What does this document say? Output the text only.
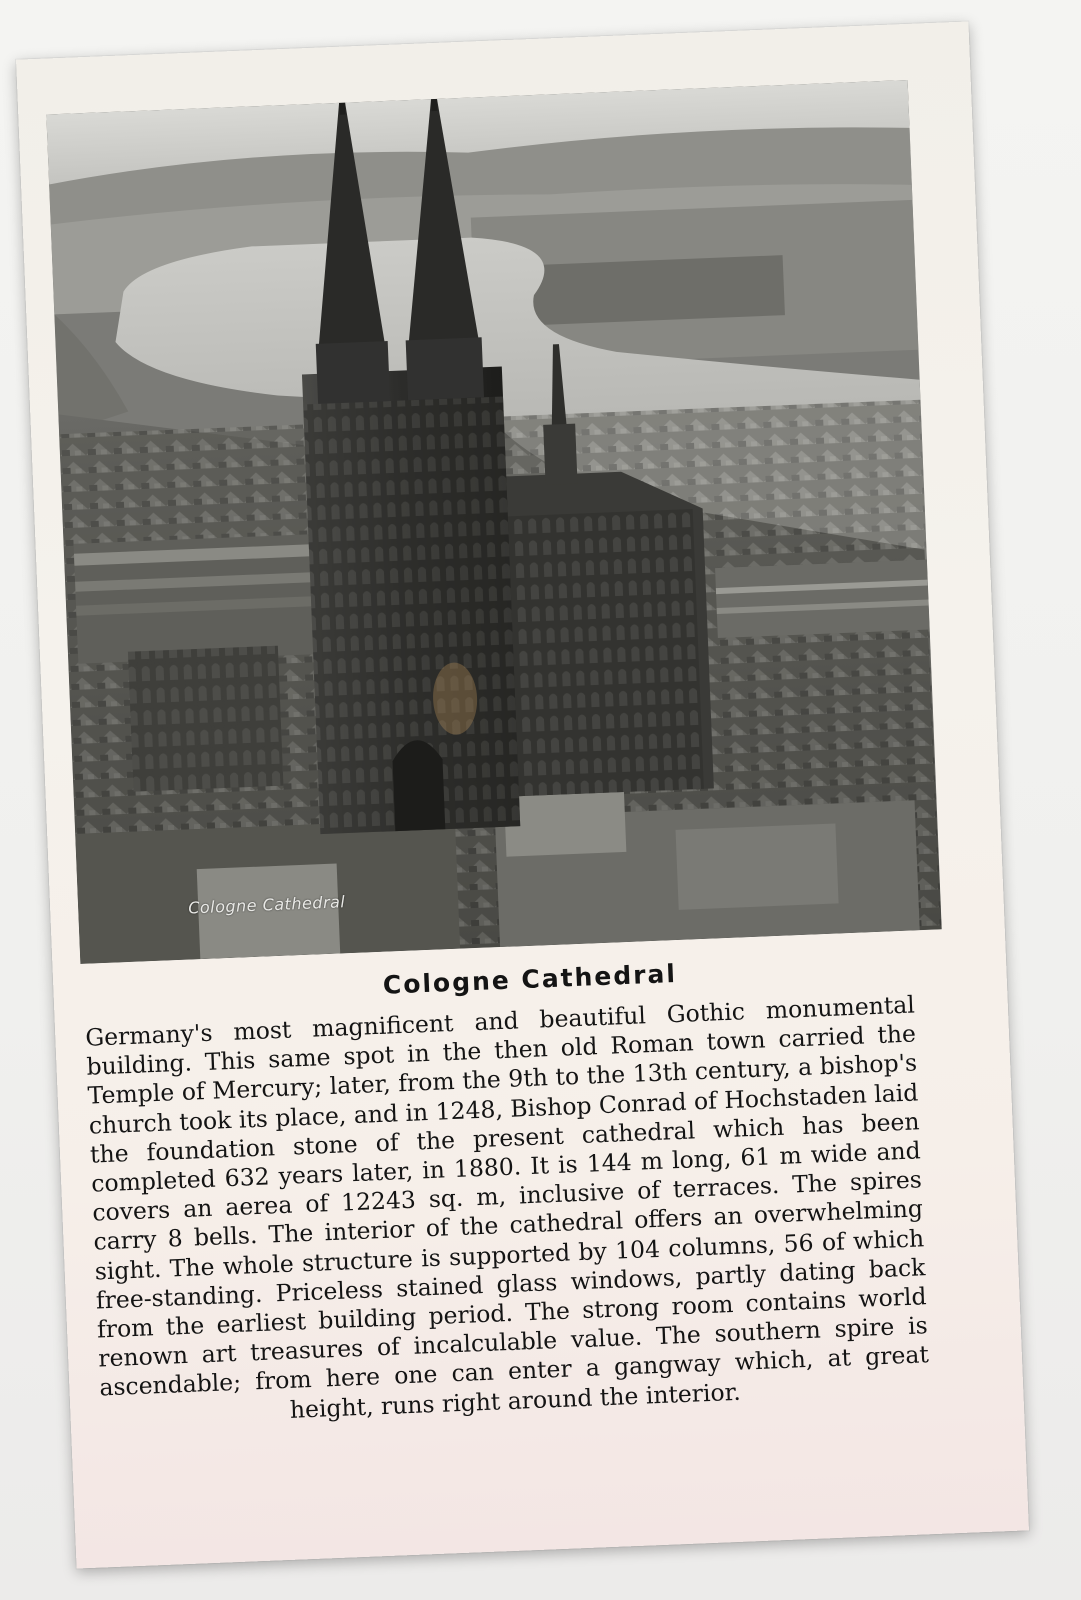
Cologne Cathedral
Cologne Cathedral
Germany's most magnificent and beautiful Gothic monumental building. This same spot in the then old Roman town carried the Temple of Mercury; later, from the 9th to the 13th century, a bishop's church took its place, and in 1248, Bishop Conrad of Hochstaden laid the foundation stone of the present cathedral which has been completed 632 years later, in 1880. It is 144 m long, 61 m wide and covers an aerea of 12243 sq. m, inclusive of terraces. The spires carry 8 bells. The interior of the cathedral offers an overwhelming sight. The whole structure is supported by 104 columns, 56 of which free-standing. Priceless stained glass windows, partly dating back from the earliest building period. The strong room contains world renown art treasures of incalculable value. The southern spire is ascendable; from here one can enter a gangway which, at great height, runs right around the interior.
